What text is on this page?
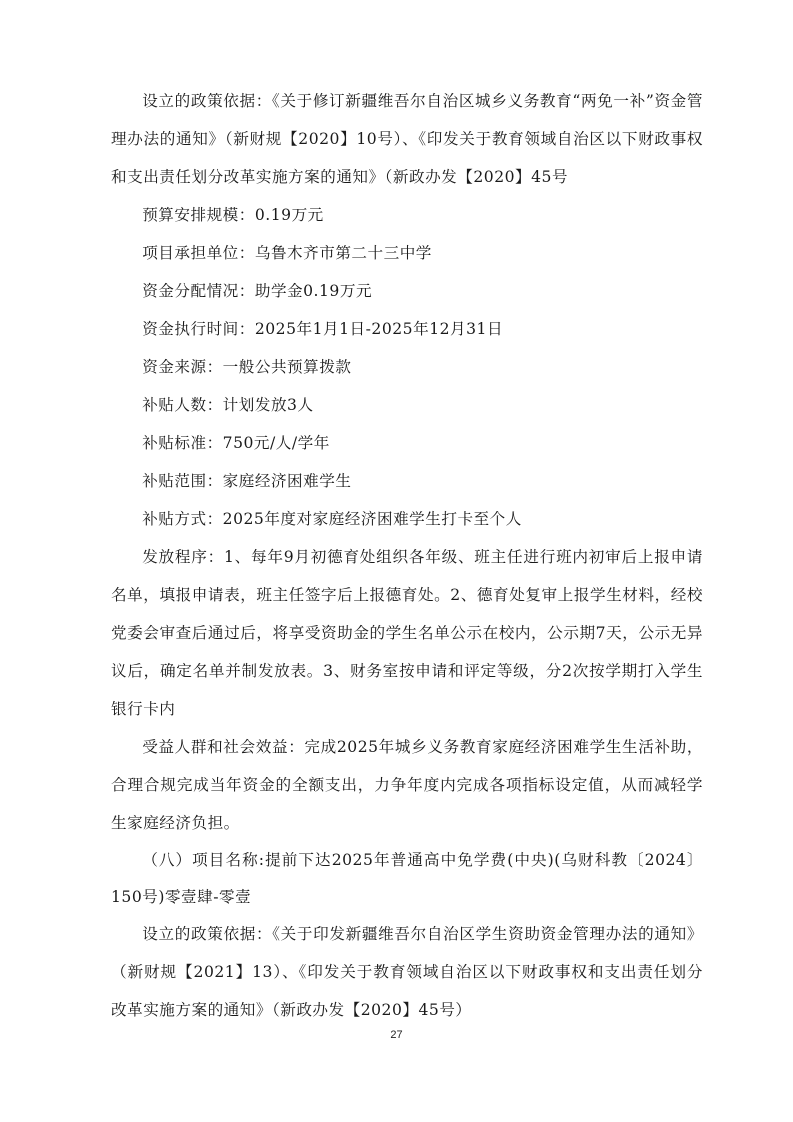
设立的政策依据：《关于修订新疆维吾尔自治区城乡义务教育“两免一补”资金管理办法的通知》（新财规【2020】10号）、《印发关于教育领域自治区以下财政事权和支出责任划分改革实施方案的通知》（新政办发【2020】45号

预算安排规模：0.19万元

项目承担单位：乌鲁木齐市第二十三中学

资金分配情况：助学金0.19万元

资金执行时间：2025年1月1日-2025年12月31日

资金来源：一般公共预算拨款

补贴人数：计划发放3人

补贴标准：750元/人/学年

补贴范围：家庭经济困难学生

补贴方式：2025年度对家庭经济困难学生打卡至个人

发放程序：1、每年9月初德育处组织各年级、班主任进行班内初审后上报申请名单，填报申请表，班主任签字后上报德育处。2、德育处复审上报学生材料，经校党委会审查后通过后，将享受资助金的学生名单公示在校内，公示期7天，公示无异议后，确定名单并制发放表。3、财务室按申请和评定等级，分2次按学期打入学生银行卡内

受益人群和社会效益：完成2025年城乡义务教育家庭经济困难学生生活补助，合理合规完成当年资金的全额支出，力争年度内完成各项指标设定值，从而减轻学生家庭经济负担。

（八）项目名称:提前下达2025年普通高中免学费(中央)(乌财科教〔2024〕150号)零壹肆-零壹

设立的政策依据：《关于印发新疆维吾尔自治区学生资助资金管理办法的通知》（新财规【2021】13）、《印发关于教育领域自治区以下财政事权和支出责任划分改革实施方案的通知》（新政办发【2020】45号）

27
